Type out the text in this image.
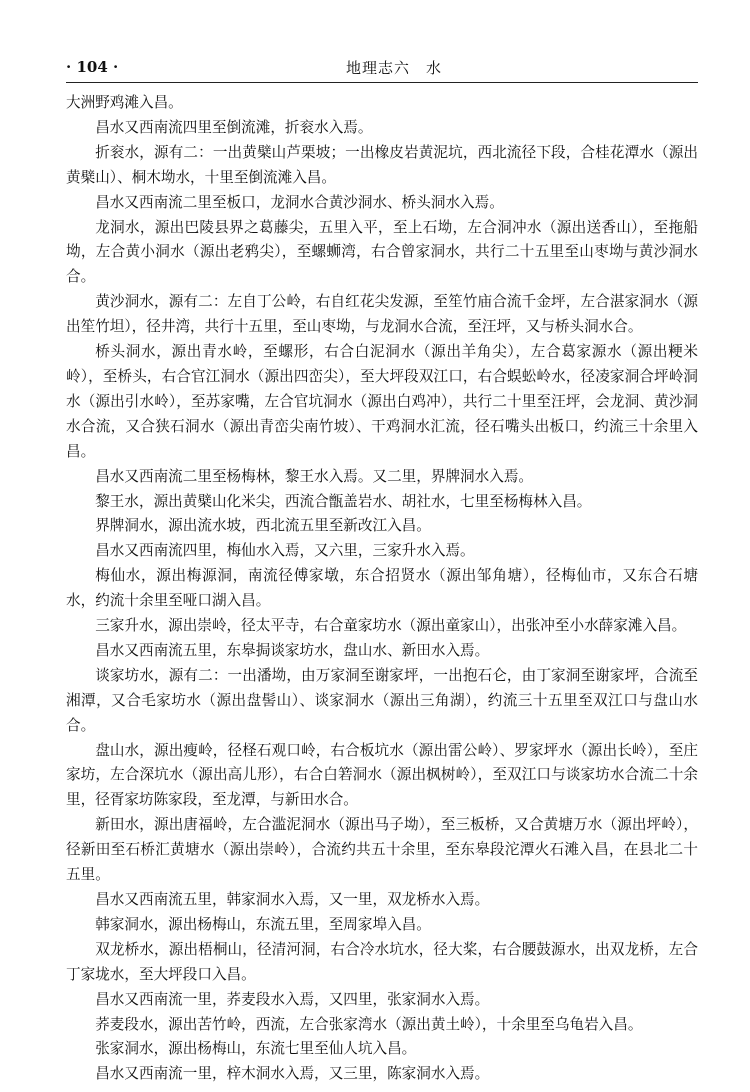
· 104 ·	地理志六　水

大洲野鸡滩入昌。

昌水又西南流四里至倒流滩，折衮水入焉。

折衮水，源有二：一出黄檗山芦栗坡；一出橡皮岩黄泥坑，西北流径下段，合桂花潭水（源出黄檗山）、桐木坳水，十里至倒流滩入昌。

昌水又西南流二里至板口，龙洞水合黄沙洞水、桥头洞水入焉。

龙洞水，源出巴陵县界之葛藤尖，五里入平，至上石坳，左合洞冲水（源出送香山），至拖船坳，左合黄小洞水（源出老鸦尖），至螺蛳湾，右合曾家洞水，共行二十五里至山枣坳与黄沙洞水合。

黄沙洞水，源有二：左自丁公岭，右自红花尖发源，至笙竹庙合流千金坪，左合湛家洞水（源出笙竹坦），径井湾，共行十五里，至山枣坳，与龙洞水合流，至汪坪，又与桥头洞水合。

桥头洞水，源出青水岭，至螺形，右合白泥洞水（源出羊角尖），左合葛家源水（源出粳米岭），至桥头，右合官江洞水（源出四峦尖），至大坪段双江口，右合蜈蚣岭水，径凌家洞合坪岭洞水（源出引水岭），至苏家嘴，左合官坑洞水（源出白鸡冲），共行二十里至汪坪，会龙洞、黄沙洞水合流，又合狭石洞水（源出青峦尖南竹坡）、干鸡洞水汇流，径石嘴头出板口，约流三十余里入昌。

昌水又西南流二里至杨梅林，黎王水入焉。又二里，界牌洞水入焉。

黎王水，源出黄檗山化米尖，西流合甑盖岩水、胡社水，七里至杨梅林入昌。

界牌洞水，源出流水坡，西北流五里至新改江入昌。

昌水又西南流四里，梅仙水入焉，又六里，三家升水入焉。

梅仙水，源出梅源洞，南流径傅家墩，东合招贤水（源出邹角塘），径梅仙市，又东合石塘水，约流十余里至哑口湖入昌。

三家升水，源出崇岭，径太平寺，右合童家坊水（源出童家山），出张冲至小水薛家滩入昌。

昌水又西南流五里，东皋挶谈家坊水，盘山水、新田水入焉。

谈家坊水，源有二：一出潘坳，由万家洞至谢家坪，一出抱石仑，由丁家洞至谢家坪，合流至湘潭，又合毛家坊水（源出盘髻山）、谈家洞水（源出三角湖），约流三十五里至双江口与盘山水合。

盘山水，源出瘦岭，径柽石观口岭，右合板坑水（源出雷公岭）、罗家坪水（源出长岭），至庄家坊，左合深坑水（源出高儿形），右合白箬洞水（源出枫树岭），至双江口与谈家坊水合流二十余里，径胥家坊陈家段，至龙潭，与新田水合。

新田水，源出唐福岭，左合滥泥洞水（源出马子坳），至三板桥，又合黄塘万水（源出坪岭），径新田至石桥汇黄塘水（源出崇岭），合流约共五十余里，至东皋段沱潭火石滩入昌，在县北二十五里。

昌水又西南流五里，韩家洞水入焉，又一里，双龙桥水入焉。

韩家洞水，源出杨梅山，东流五里，至周家埠入昌。

双龙桥水，源出梧桐山，径清河洞，右合冷水坑水，径大桨，右合腰鼓源水，出双龙桥，左合丁家垅水，至大坪段口入昌。

昌水又西南流一里，荞麦段水入焉，又四里，张家洞水入焉。

荞麦段水，源出苦竹岭，西流，左合张家湾水（源出黄土岭），十余里至乌龟岩入昌。

张家洞水，源出杨梅山，东流七里至仙人坑入昌。

昌水又西南流一里，梓木洞水入焉，又三里，陈家洞水入焉。
